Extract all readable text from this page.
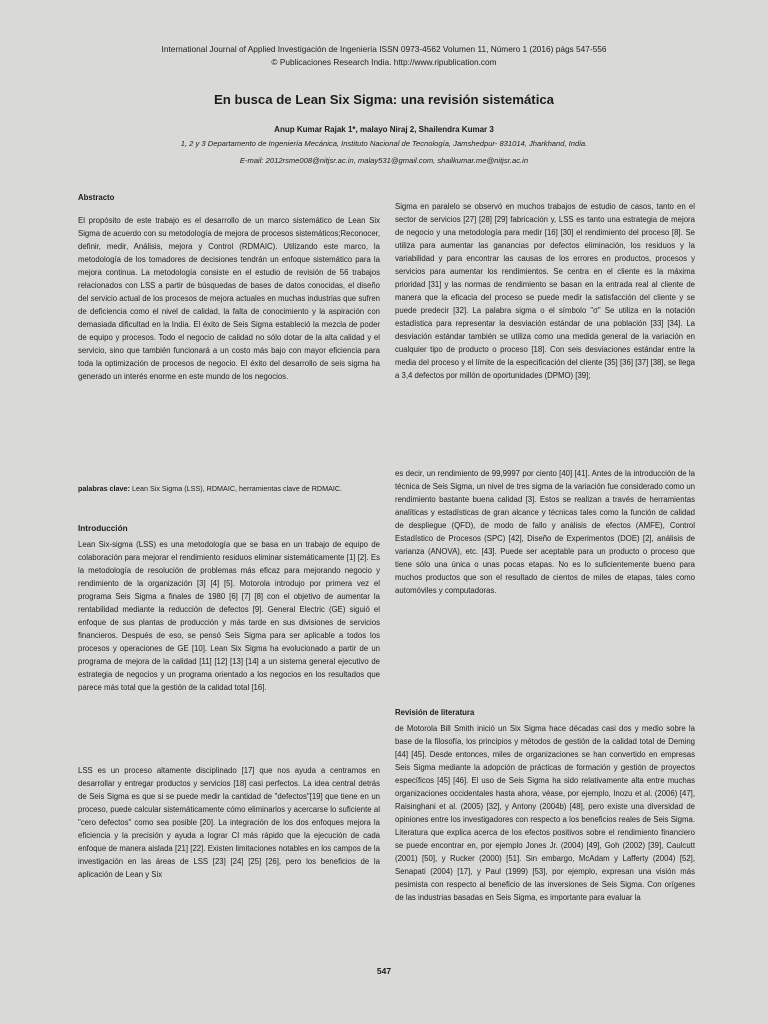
International Journal of Applied Investigación de Ingeniería ISSN 0973-4562 Volumen 11, Número 1 (2016) págs 547-556
© Publicaciones Research India. http://www.ripublication.com
En busca de Lean Six Sigma: una revisión sistemática
Anup Kumar Rajak 1*, malayo Niraj 2, Shailendra Kumar 3
1, 2 y 3 Departamento de Ingeniería Mecánica, Instituto Nacional de Tecnología, Jamshedpur- 831014, Jharkhand, India.
E-mail: 2012rsme008@nitjsr.ac.in, malay531@gmail.com, shailkumar.me@nitjsr.ac.in
Abstracto

El propósito de este trabajo es el desarrollo de un marco sistemático de Lean Six Sigma de acuerdo con su metodología de mejora de procesos sistemáticos;Reconocer, definir, medir, Análisis, mejora y Control (RDMAIC). Utilizando este marco, la metodología de los tomadores de decisiones tendrán un enfoque sistemático para la mejora continua. La metodología consiste en el estudio de revisión de 56 trabajos relacionados con LSS a partir de búsquedas de bases de datos conocidas, el diseño del servicio actual de los procesos de mejora actuales en muchas industrias que sufren de deficiencia como el nivel de calidad, la falta de conocimiento y la aspiración con demasiada dificultad en la India. El éxito de Seis Sigma estableció la mezcla de poder de equipo y procesos. Todo el negocio de calidad no sólo dotar de la alta calidad y el servicio, sino que también funcionará a un costo más bajo con mayor eficiencia para toda la optimización de procesos de negocio. El éxito del desarrollo de seis sigma ha generado un interés enorme en este mundo de los negocios.

palabras clave: Lean Six Sigma (LSS), RDMAIC, herramientas clave de RDMAIC.
Introducción

Lean Six-sigma (LSS) es una metodología que se basa en un trabajo de equipo de colaboración para mejorar el rendimiento residuos eliminar sistemáticamente [1] [2]. Es la metodología de resolución de problemas más eficaz para mejorando negocio y rendimiento de la organización [3] [4] [5]. Motorola introdujo por primera vez el programa Seis Sigma a finales de 1980 [6] [7] [8] con el objetivo de aumentar la rentabilidad mediante la reducción de defectos [9]. General Electric (GE) siguió el enfoque de sus plantas de producción y más tarde en sus divisiones de servicios financieros. Después de eso, se pensó Seis Sigma para ser aplicable a todos los procesos y operaciones de GE [10]. Lean Six Sigma ha evolucionado a partir de un programa de mejora de la calidad [11] [12] [13] [14] a un sistema general ejecutivo de estrategia de negocios y un programa orientado a los negocios en los resultados que parece más total que la gestión de la calidad total [16].

LSS es un proceso altamente disciplinado [17] que nos ayuda a centramos en desarrollar y entregar productos y servicios [18] casi perfectos. La idea central detrás de Seis Sigma es que si se puede medir la cantidad de "defectos"[19] que tiene en un proceso, puede calcular sistemáticamente cómo eliminarlos y acercarse lo suficiente al "cero defectos" como sea posible [20]. La integración de los dos enfoques mejora la eficiencia y la precisión y ayuda a lograr CI más rápido que la ejecución de cada enfoque de manera aislada [21] [22]. Existen limitaciones notables en los campos de la investigación en las áreas de LSS [23] [24] [25] [26], pero los beneficios de la aplicación de Lean y Six

Sigma en paralelo se observó en muchos trabajos de estudio de casos, tanto en el sector de servicios [27] [28] [29] fabricación y, LSS es tanto una estrategia de mejora de negocio y una metodología para medir [16] [30] el rendimiento del proceso [8]. Se utiliza para aumentar las ganancias por defectos eliminación, los residuos y la variabilidad y para encontrar las causas de los errores en productos, procesos y servicios para aumentar los rendimientos. Se centra en el cliente es la máxima prioridad [31] y las normas de rendimiento se basan en la entrada real al cliente de manera que la eficacia del proceso se puede medir la satisfacción del cliente y se puede predecir [32]. La palabra sigma o el símbolo "σ" Se utiliza en la notación estadística para representar la desviación estándar de una población [33] [34]. La desviación estándar también se utiliza como una medida general de la variación en cualquier tipo de producto o proceso [18]. Con seis desviaciones estándar entre la media del proceso y el límite de la especificación del cliente [35] [36] [37] [38], se llega a 3,4 defectos por millón de oportunidades (DPMO) [39];

es decir, un rendimiento de 99,9997 por ciento [40] [41]. Antes de la introducción de la técnica de Seis Sigma, un nivel de tres sigma de la variación fue considerado como un rendimiento bastante buena calidad [3]. Estos se realizan a través de herramientas analíticas y estadísticas de gran alcance y técnicas tales como la función de calidad de despliegue (QFD), de modo de fallo y análisis de efectos (AMFE), Control Estadístico de Procesos (SPC) [42], Diseño de Experimentos (DOE) [2], análisis de varianza (ANOVA), etc. [43]. Puede ser aceptable para un producto o proceso que tiene sólo una única o unas pocas etapas. No es lo suficientemente bueno para muchos productos que son el resultado de cientos de miles de etapas, tales como automóviles y computadoras.

Revisión de literatura

de Motorola Bill Smith inició un Six Sigma hace décadas casi dos y medio sobre la base de la filosofía, los principios y métodos de gestión de la calidad total de Deming [44] [45]. Desde entonces, miles de organizaciones se han convertido en empresas Seis Sigma mediante la adopción de prácticas de formación y gestión de proyectos específicos [45] [46]. El uso de Seis Sigma ha sido relativamente alta entre muchas organizaciones occidentales hasta ahora, véase, por ejemplo, Inozu et al. (2006) [47], Raisinghani et al. (2005) [32], y Antony (2004b) [48], pero existe una diversidad de opiniones entre los investigadores con respecto a los beneficios reales de Seis Sigma. Literatura que explica acerca de los efectos positivos sobre el rendimiento financiero se puede encontrar en, por ejemplo Jones Jr. (2004) [49], Goh (2002) [39], Caulcutt (2001) [50], y Rucker (2000) [51]. Sin embargo, McAdam y Lafferty (2004) [52], Senapati (2004) [17], y Paul (1999) [53], por ejemplo, expresan una visión más pesimista con respecto al beneficio de las inversiones de Seis Sigma. Con orígenes de las industrias basadas en Seis Sigma, es importante para evaluar la

547
